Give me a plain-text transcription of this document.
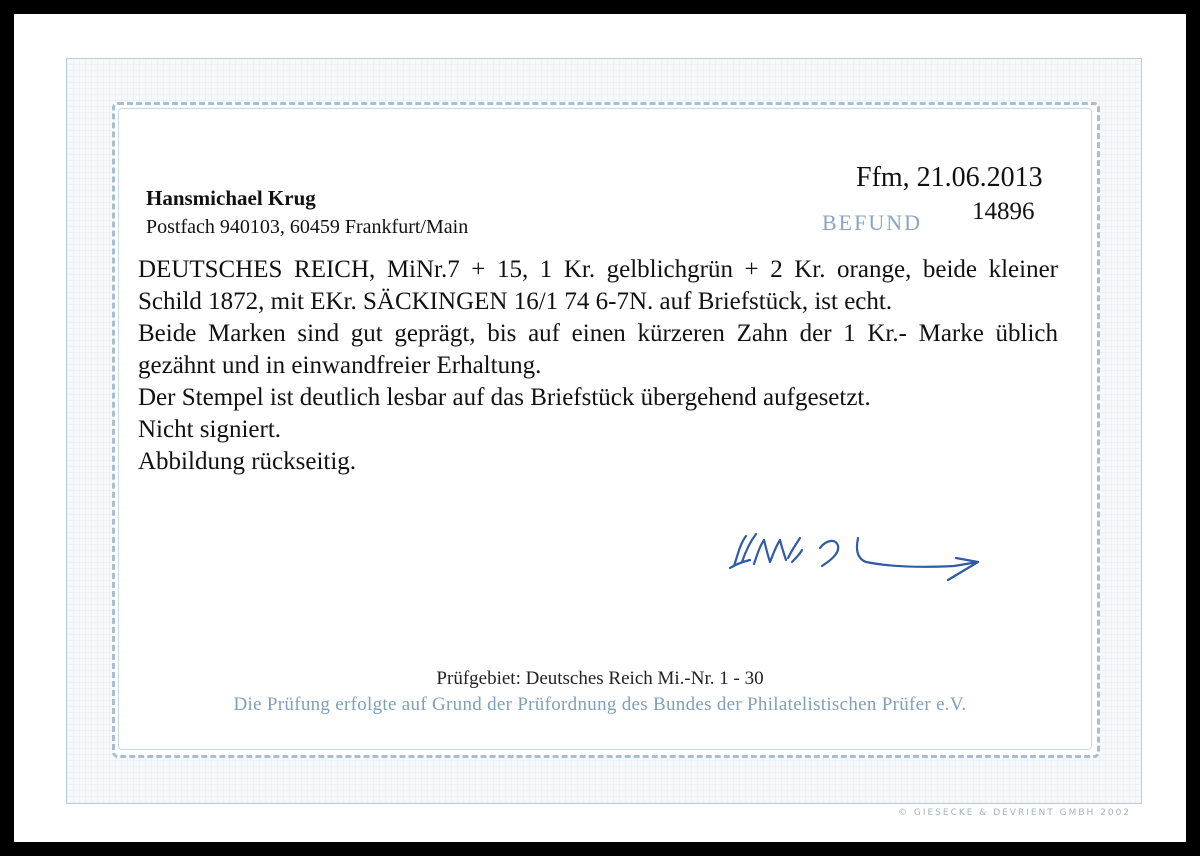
Hansmichael Krug
Postfach 940103, 60459 Frankfurt/Main
Ffm, 21.06.2013
BEFUND 14896

DEUTSCHES REICH, MiNr.7 + 15, 1 Kr. gelblichgrün + 2 Kr. orange, beide kleiner Schild 1872, mit EKr. SÄCKINGEN 16/1 74 6-7N. auf Briefstück, ist echt.

Beide Marken sind gut geprägt, bis auf einen kürzeren Zahn der 1 Kr.- Marke üblich gezähnt und in einwandfreier Erhaltung.

Der Stempel ist deutlich lesbar auf das Briefstück übergehend aufgesetzt.

Nicht signiert.

Abbildung rückseitig.

Prüfgebiet: Deutsches Reich Mi.-Nr. 1 - 30
Die Prüfung erfolgte auf Grund der Prüfordnung des Bundes der Philatelistischen Prüfer e.V.
© GIESECKE & DEVRIENT GMBH 2002
